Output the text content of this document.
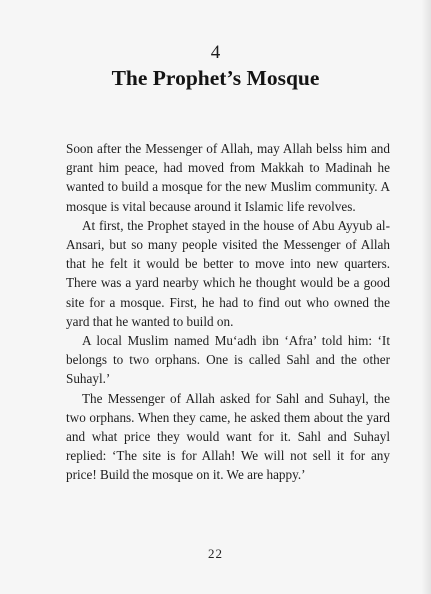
4
The Prophet’s Mosque

Soon after the Messenger of Allah, may Allah belss him and grant him peace, had moved from Makkah to Madinah he wanted to build a mosque for the new Muslim community. A mosque is vital because around it Islamic life revolves.

At first, the Prophet stayed in the house of Abu Ayyub al-Ansari, but so many people visited the Messenger of Allah that he felt it would be better to move into new quarters. There was a yard nearby which he thought would be a good site for a mosque. First, he had to find out who owned the yard that he wanted to build on.

A local Muslim named Mu‘adh ibn ‘Afra’ told him: ‘It belongs to two orphans. One is called Sahl and the other Suhayl.’

The Messenger of Allah asked for Sahl and Suhayl, the two orphans. When they came, he asked them about the yard and what price they would want for it. Sahl and Suhayl replied: ‘The site is for Allah! We will not sell it for any price! Build the mosque on it. We are happy.’

22
